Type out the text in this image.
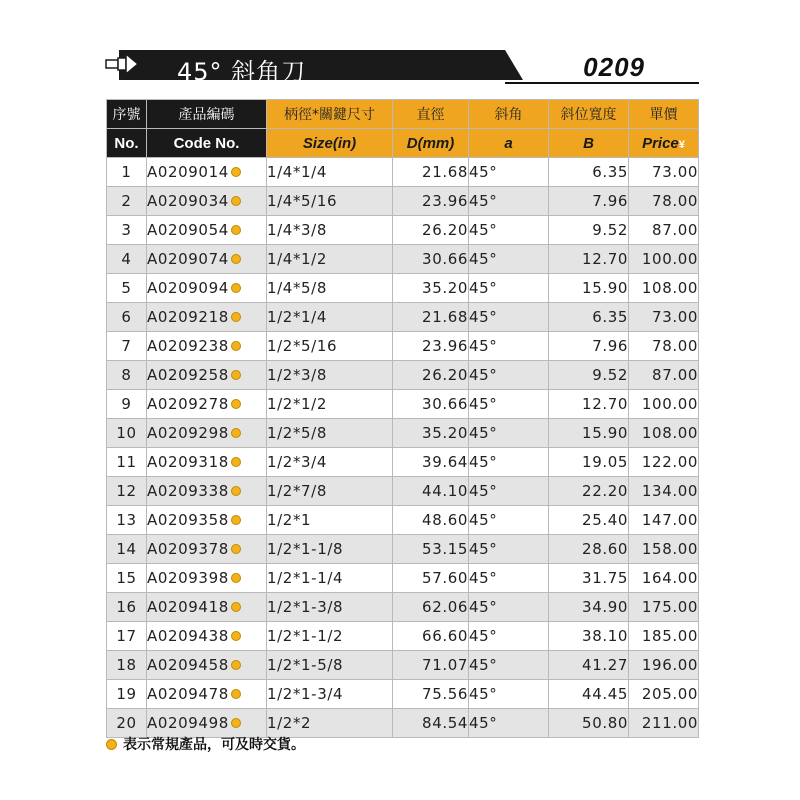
45° 斜角刀	0209
序號	產品編碼	柄徑*關鍵尺寸	直徑	斜角	斜位寬度	單價
No.	Code No.	Size(in)	D(mm)	a	B	Price¥
1	A0209014	1/4*1/4	21.68	45°	6.35	73.00
2	A0209034	1/4*5/16	23.96	45°	7.96	78.00
3	A0209054	1/4*3/8	26.20	45°	9.52	87.00
4	A0209074	1/4*1/2	30.66	45°	12.70	100.00
5	A0209094	1/4*5/8	35.20	45°	15.90	108.00
6	A0209218	1/2*1/4	21.68	45°	6.35	73.00
7	A0209238	1/2*5/16	23.96	45°	7.96	78.00
8	A0209258	1/2*3/8	26.20	45°	9.52	87.00
9	A0209278	1/2*1/2	30.66	45°	12.70	100.00
10	A0209298	1/2*5/8	35.20	45°	15.90	108.00
11	A0209318	1/2*3/4	39.64	45°	19.05	122.00
12	A0209338	1/2*7/8	44.10	45°	22.20	134.00
13	A0209358	1/2*1	48.60	45°	25.40	147.00
14	A0209378	1/2*1-1/8	53.15	45°	28.60	158.00
15	A0209398	1/2*1-1/4	57.60	45°	31.75	164.00
16	A0209418	1/2*1-3/8	62.06	45°	34.90	175.00
17	A0209438	1/2*1-1/2	66.60	45°	38.10	185.00
18	A0209458	1/2*1-5/8	71.07	45°	41.27	196.00
19	A0209478	1/2*1-3/4	75.56	45°	44.45	205.00
20	A0209498	1/2*2	84.54	45°	50.80	211.00
表示常規產品，可及時交貨。
